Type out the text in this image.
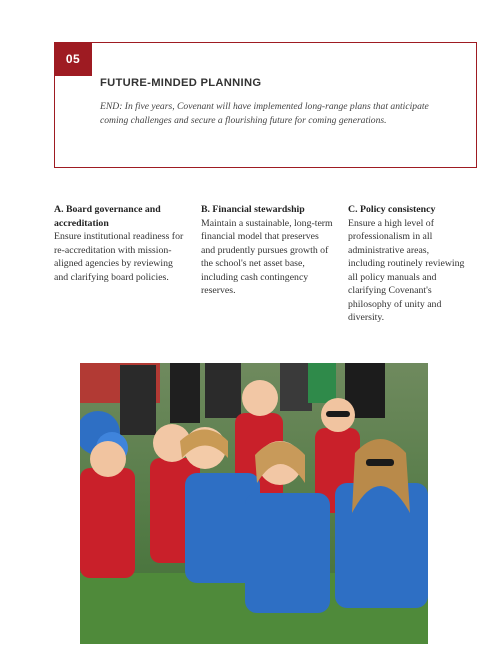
05
FUTURE-MINDED PLANNING
END: In five years, Covenant will have implemented long-range plans that anticipate coming challenges and secure a flourishing future for coming generations.
A. Board governance and accreditation
Ensure institutional readiness for re-accreditation with mission-aligned agencies by reviewing and clarifying board policies.
B. Financial stewardship
Maintain a sustainable, long-term financial model that preserves and prudently pursues growth of the school's net asset base, including cash contingency reserves.
C. Policy consistency
Ensure a high level of professionalism in all administrative areas, including routinely reviewing all policy manuals and clarifying Covenant's philosophy of unity and diversity.
